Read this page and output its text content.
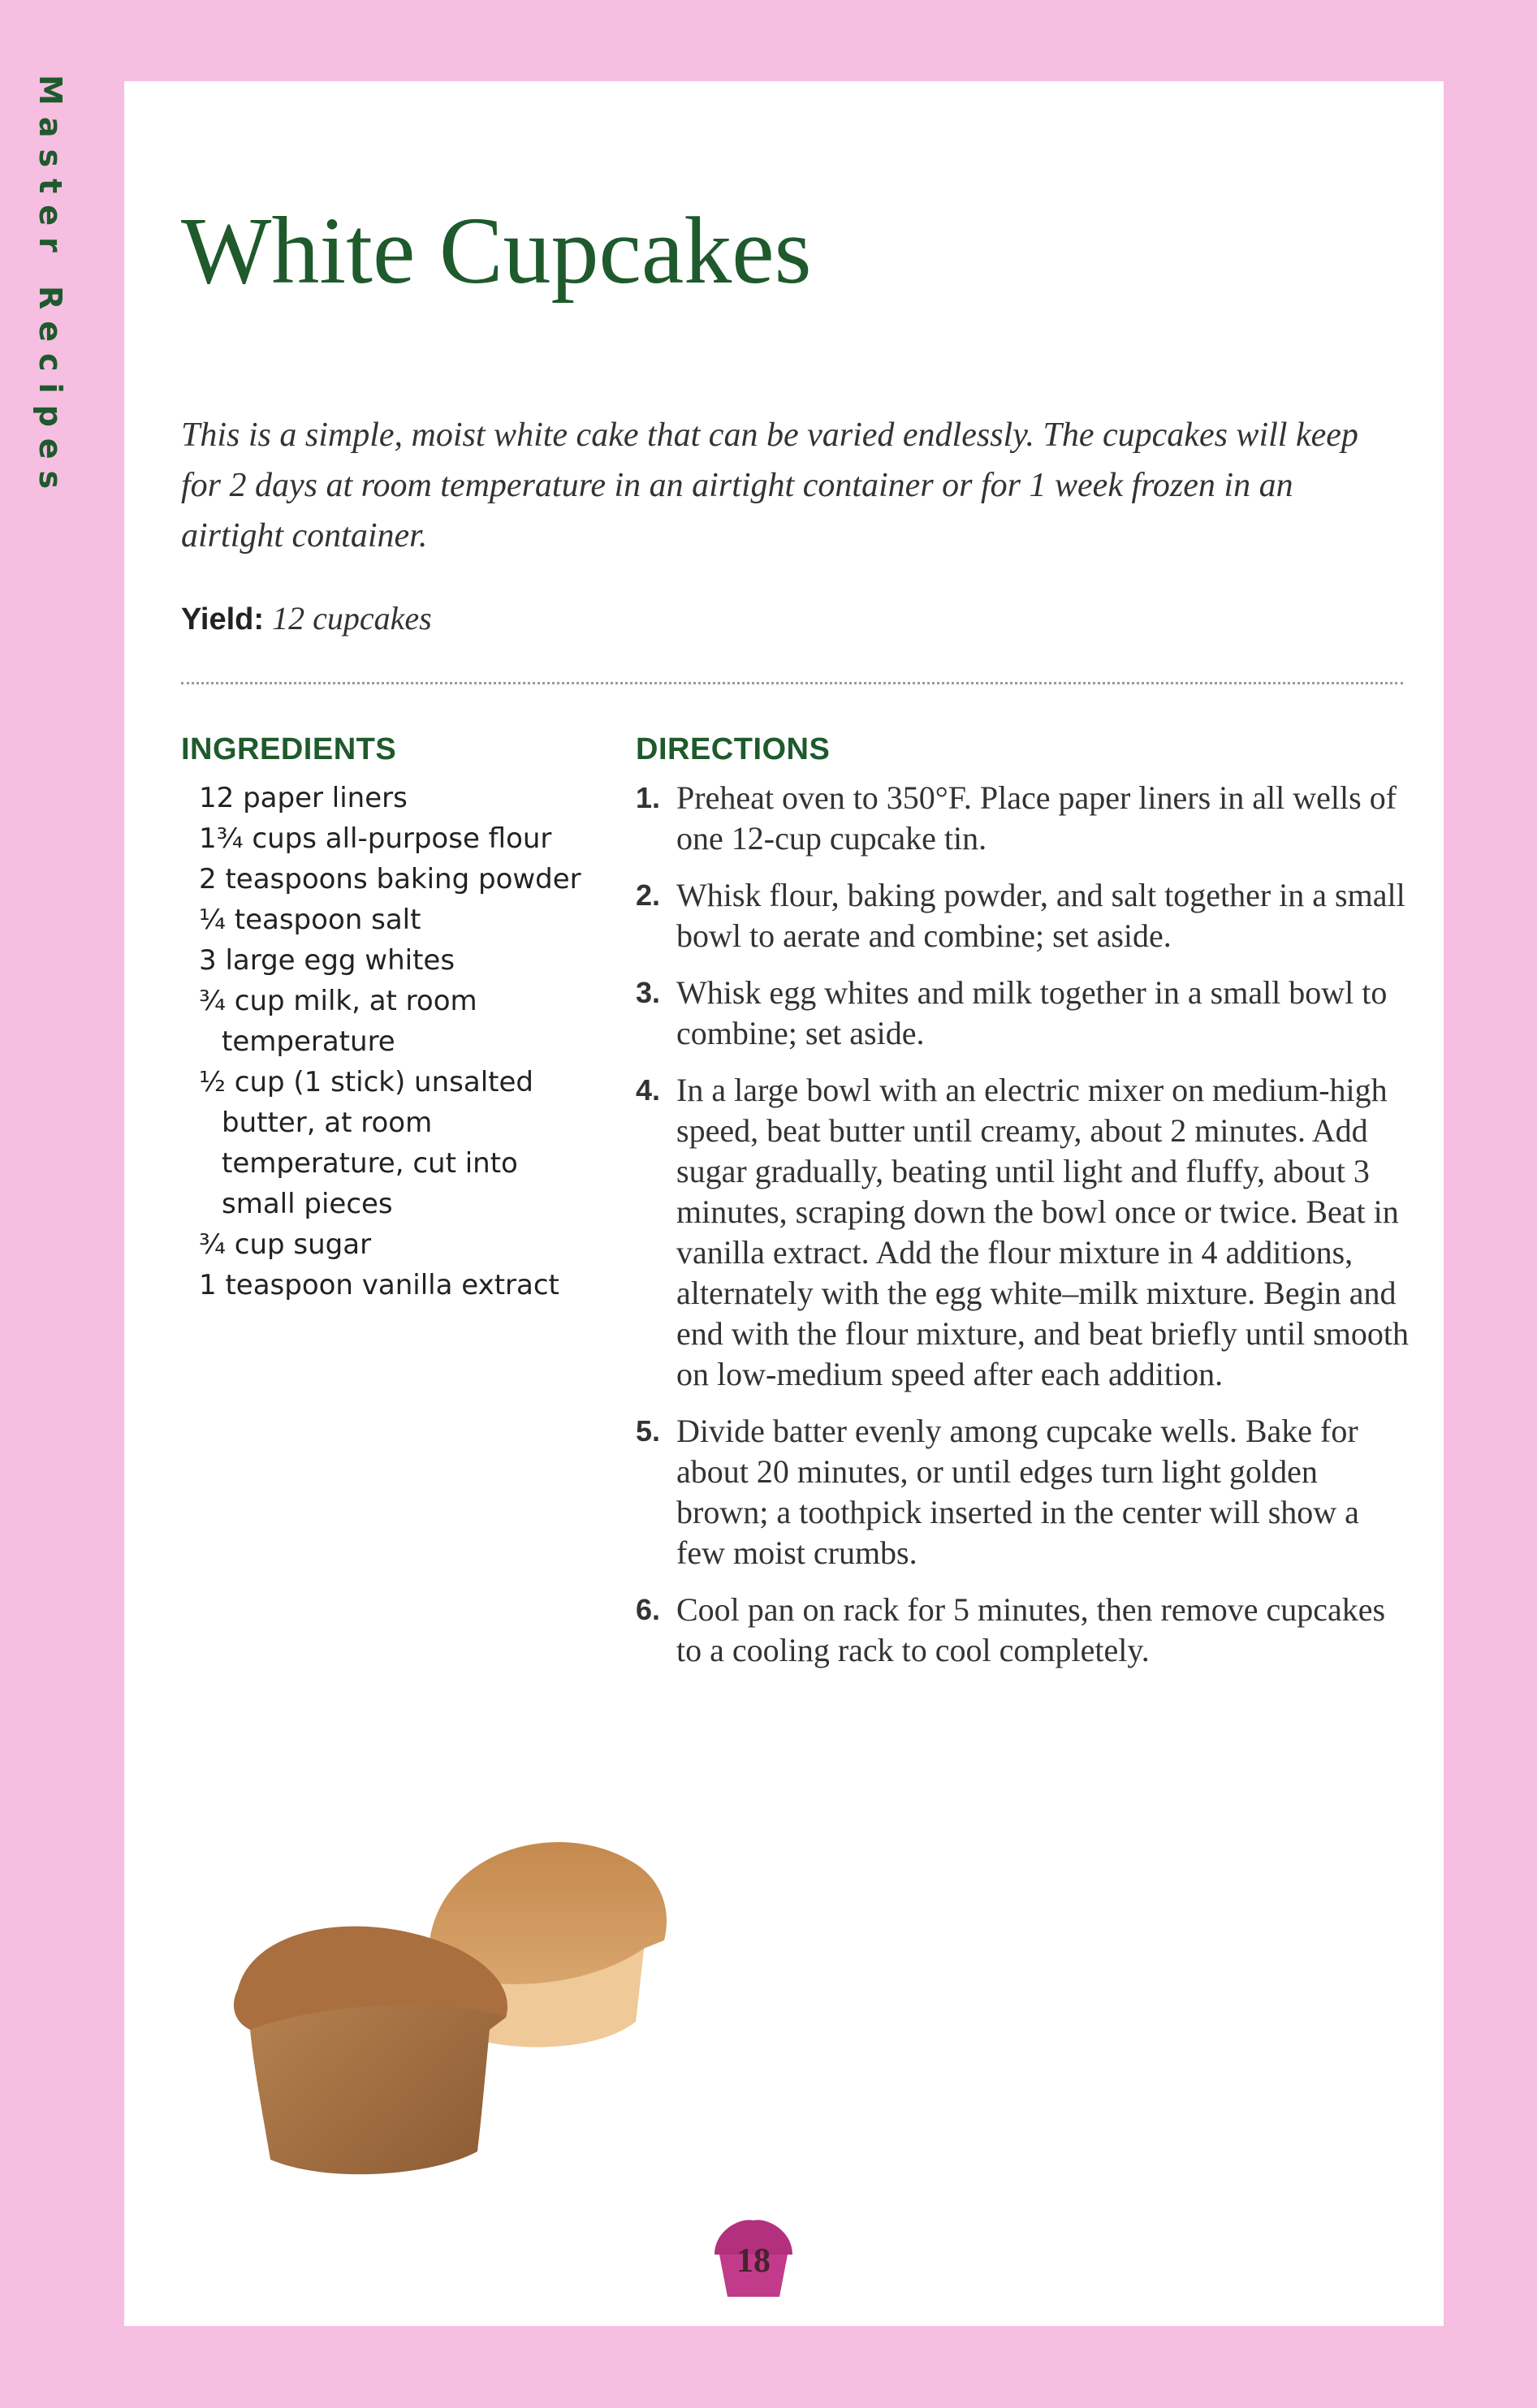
Master Recipes White Cupcakes

This is a simple, moist white cake that can be varied endlessly. The cupcakes will keep for 2 days at room temperature in an airtight container or for 1 week frozen in an airtight container.

Yield: 12 cupcakes

INGREDIENTS
12 paper liners
1¾ cups all-purpose flour
2 teaspoons baking powder
¼ teaspoon salt
3 large egg whites
¾ cup milk, at room temperature
½ cup (1 stick) unsalted butter, at room temperature, cut into small pieces
¾ cup sugar
1 teaspoon vanilla extract
DIRECTIONS
1. Preheat oven to 350°F. Place paper liners in all wells of one 12-cup cupcake tin.
2. Whisk flour, baking powder, and salt together in a small bowl to aerate and combine; set aside.
3. Whisk egg whites and milk together in a small bowl to combine; set aside.
4. In a large bowl with an electric mixer on medium-high speed, beat butter until creamy, about 2 minutes. Add sugar gradually, beating until light and fluffy, about 3 minutes, scraping down the bowl once or twice. Beat in vanilla extract. Add the flour mixture in 4 additions, alternately with the egg white–milk mixture. Begin and end with the flour mixture, and beat briefly until smooth on low-medium speed after each addition.
5. Divide batter evenly among cupcake wells. Bake for about 20 minutes, or until edges turn light golden brown; a toothpick inserted in the center will show a few moist crumbs.
6. Cool pan on rack for 5 minutes, then remove cupcakes to a cooling rack to cool completely.
18
